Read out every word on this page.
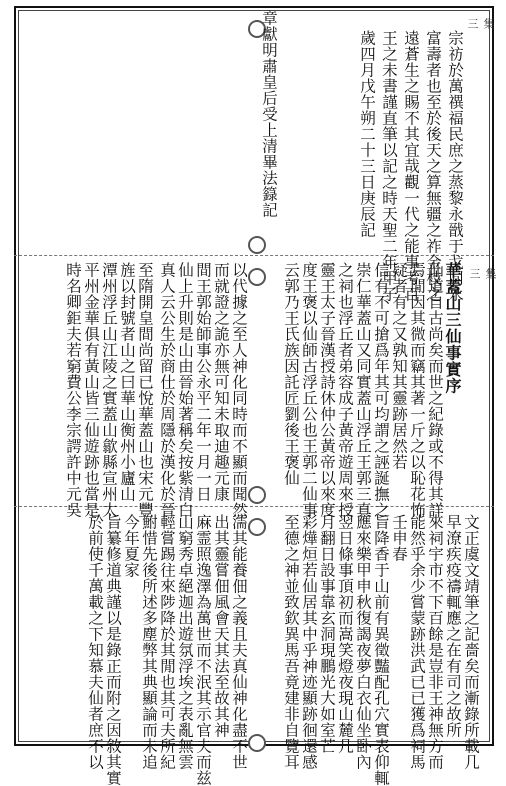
集三
宗祊於萬禩福民庶之蒸黎永戩于戈同永
富壽者也至於後天之算無疆之祚金枝之
遠蒼生之賜不其宜哉觀一代之能事考百
王之未書謹直筆以記之時天聖二年甲子
歲四月戊午朔二十三日庚辰記
章獻明肅皇后受上清畢法籙記
集三
華蓋山三仙事實序
仙道自古尚矣而世之紀錄或不得其詳
焉閒因其微而竊其著一斤之以恥花怖
疑者有之又孰知其靈跡居然若
信有不可搶爲年其可均謂之誣誕撫之
崇仁華蓋山又同實蓋山浮丘王郭三真
之祠也浮丘者弟容成子黃帝遊周來授
靈王太子晉漢授詩休仲公黃帝以來度
度王褒以仙師古浮丘公也王郭二仙事
云郭乃王氏族因託匠劉後王褒仙
以代據之至人神化同時而不顯而聞然
而就證之詭亦無可知未取迪趣元康
間王郭始師事公永平二年一月一日
仙上升則是山由晉始著稱矣按紫清白
真人云公生於商仕於周隱於漢化於晉
至隋開皇間尚留已悅華蓋山也宋元豐
旌以封號者山之曰華山衡州小廬山
潭州浮丘山江陵之實蓋山歙縣宣州太
平州金華俱有黃山皆三仙遊跡也當是
時名卿鉅夫若窮費公李宗諤許中元吳
文正虞文靖筆之記嗇矣而漸錄所載几
早潦疾疫禱輒應之在有司之故所
來祠宇市不下百餘是豈非王神無方而
能然乎余少嘗蒙跡洪武已已獲爲祠馬
壬申春
旨降香于山前有異徵豔配孔穴實表仰輒
應來樂甲申秋復謁夜夢白衣仙坐卧內
翌日條事頂初而嵩笑燈夜現山麓几
月翻日設事靠玄洞現鵬光大如室芒
彩燁烜若仙居其中乎神迹顯跡徊還感
至德之神並致欽異馬吾竟建非自覽耳
濡其能養佃之義且夫真仙神化盡不世
出其靈嘗佃風會天其法至故其神
麻霊照逸澤為萬世而不泯其示官夫而兹
山窮秀卓絕迦出遊氛浮埃之表亂無雲
輕嘗踢往來陟降於其閒也其可夫所紀
鮒惜先後所述多塵弊其典顯論而未追
今年夏家
旨纂修道典謹以是錄正而附之因敘其實
於前使千萬載之下知慕夫仙者庶不以
